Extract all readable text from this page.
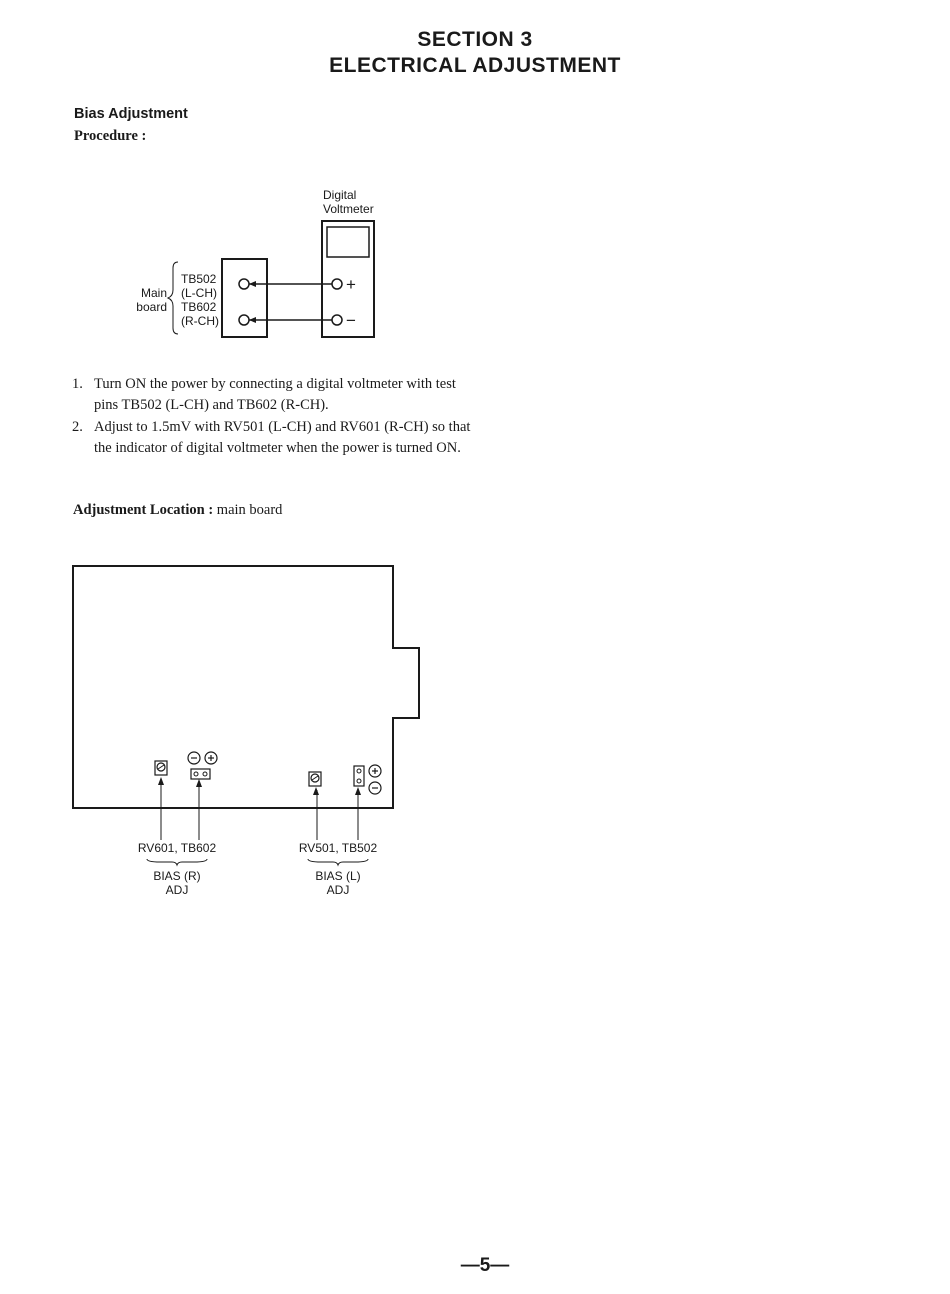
SECTION 3
ELECTRICAL ADJUSTMENT
Bias Adjustment
Procedure :
Digital
Voltmeter
+
−
TB502
(L-CH)
TB602
(R-CH)
Main
board
1. Turn ON the power by connecting a digital voltmeter with test pins TB502 (L-CH) and TB602 (R-CH).
2. Adjust to 1.5mV with RV501 (L-CH) and RV601 (R-CH) so that the indicator of digital voltmeter when the power is turned ON.
Adjustment Location : main board
RV601, TB602
BIAS (R)
ADJ
RV501, TB502
BIAS (L)
ADJ
—5—
